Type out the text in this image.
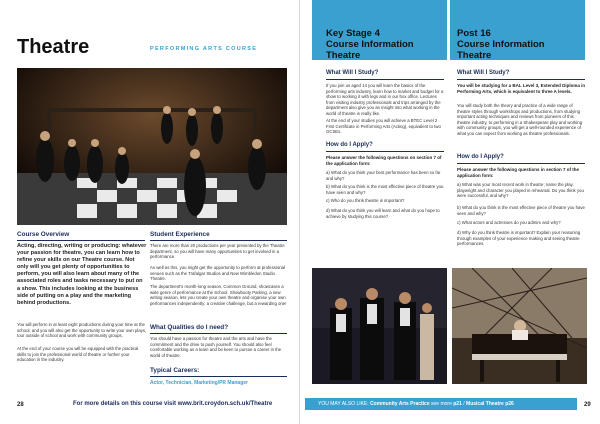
Theatre	PERFORMING ARTS COURSE
Course Overview
Acting, directing, writing or producing: whatever your passion for theatre, you can learn how to refine your skills on our Theatre course. Not only will you get plenty of opportunities to perform, you will also learn about many of the associated roles and tasks necessary to put on a show. This includes looking at the business side of putting on a play and the marketing behind productions.
You will perform in at least eight productions during your time at the school, and you will also get the opportunity to write your own plays, tour outside of school and work with community groups.
At the end of your course you will be equipped with the practical skills to join the professional world of theatre or further your education in the industry.
Student Experience
There are more than 20 productions per year presented by the Theatre department, so you will have many opportunities to get involved in a performance.
As well as this, you might get the opportunity to perform at professional venues such as the Trafalgar Studios and New Wimbledon Studio Theatre.
The department's month-long season, Common Ground, showcases a wide genre of performance at the School. Showbooty Parking, a new writing season, lets you create your own theatre and organise your own performances independently: a creative challenge, but a rewarding one!
What Qualities do I need?
You should have a passion for theatre and the arts and have the commitment and the drive to push yourself. You should also feel comfortable working as a team and be keen to pursue a career in the world of theatre.
Typical Careers:
Actor, Technician, Marketing/PR Manager
28	For more details on this course visit www.brit.croydon.sch.uk/Theatre
Key Stage 4
Course Information
Theatre
What Will I Study?
If you join us aged 14 you will learn the basics of the performing arts industry, learn how to market and budget for a show to working it with legs and in our box office. Lectures from visiting industry professionals and trips arranged by the department also give you an insight into what working in the world of theatre is really like.
At the end of your studies you will achieve a BTEC Level 2 First Certificate in Performing Arts (Acting), equivalent to two GCSEs.
How do I Apply?
Please answer the following questions on section 7 of the application form:
a) What do you think your best performance has been so far and why?
b) What do you think is the most effective piece of theatre you have seen and why?
c) Who do you think theatre is important?
d) What do you think you will learn and what do you hope to achieve by studying this course?
Post 16
Course Information
Theatre
What Will I Study?
You will be studying for a BAL Level 3, Extended Diploma in Performing Arts, which is equivalent to three A levels.
You will study both the theory and practice of a wide range of theatre styles through workshops and productions, from studying important acting techniques and reviews from pioneers of this theatre industry, to performing in a Shakespeare play and working with community groups, you will get a well-rounded experience of what you can expect from working as theatre professionals.
How do I Apply?
Please answer the following questions in section 7 of the application form:
a) What was your most recent work in theatre; name the play, playwright and character you played in rehearsal. Do you think you were successful, and why?
b) What do you think is the most effective piece of theatre you have seen and why?
c) What actors and actresses do you admire and why?
d) Why do you think theatre is important? Explain your reasoning through examples of your experience making and seeing theatre performances.
YOU MAY ALSO LIKE: Community Arts Practice see more p21 / Musical Theatre p26	29
